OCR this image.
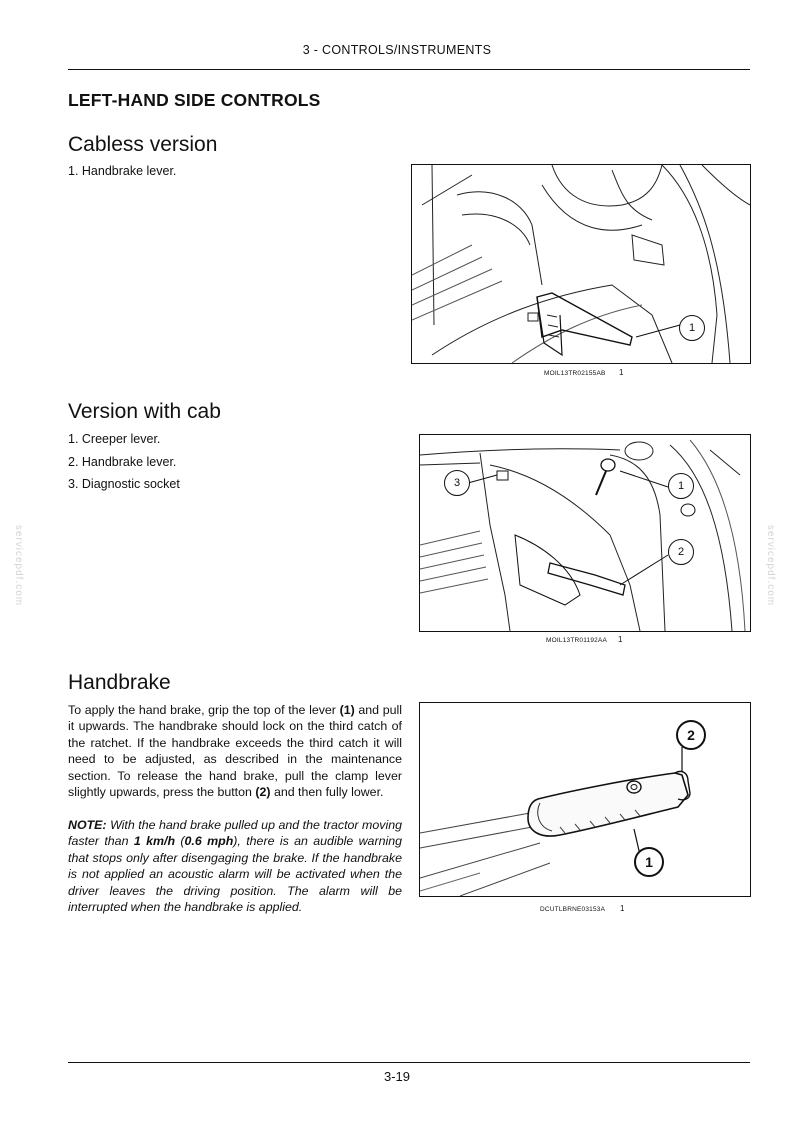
3 - CONTROLS/INSTRUMENTS
LEFT-HAND SIDE CONTROLS
Cabless version
1. Handbrake lever.
1
MOIL13TR02155AB 1
Version with cab
1. Creeper lever.
2. Handbrake lever.
3. Diagnostic socket	3	1
2
MOIL13TR01192AA 1
Handbrake

To apply the hand brake, grip the top of the lever (1) and pull it upwards. The handbrake should lock on the third catch of the ratchet. If the handbrake exceeds the third catch it will need to be adjusted, as described in the maintenance section. To release the hand brake, pull the clamp lever slightly upwards, press the button (2) and then fully lower.

NOTE: With the hand brake pulled up and the tractor moving faster than 1 km/h (0.6 mph), there is an audible warning that stops only after disengaging the brake. If the handbrake is not applied an acoustic alarm will be activated when the driver leaves the driving position. The alarm will be interrupted when the handbrake is applied.

2
1
DCUTLBRNE03153A 1
servicepdf.com	servicepdf.com
3-19
